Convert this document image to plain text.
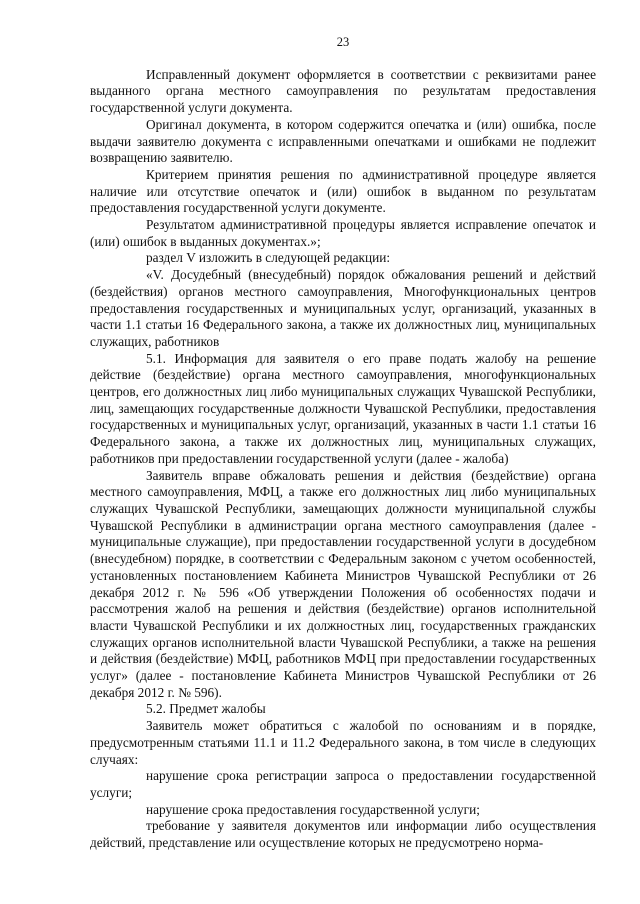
23

Исправленный документ оформляется в соответствии с реквизитами ранее выданного органа местного самоуправления по результатам предоставления государственной услуги документа.

Оригинал документа, в котором содержится опечатка и (или) ошибка, после выдачи заявителю документа с исправленными опечатками и ошибками не подлежит возвращению заявителю.

Критерием принятия решения по административной процедуре является наличие или отсутствие опечаток и (или) ошибок в выданном по результатам предоставления государственной услуги документе.

Результатом административной процедуры является исправление опечаток и (или) ошибок в выданных документах.»;

раздел V изложить в следующей редакции:

«V. Досудебный (внесудебный) порядок обжалования решений и действий (бездействия) органов местного самоуправления, Многофункциональных центров предоставления государственных и муниципальных услуг, организаций, указанных в части 1.1 статьи 16 Федерального закона, а также их должностных лиц, муниципальных служащих, работников

5.1. Информация для заявителя о его праве подать жалобу на решение действие (бездействие) органа местного самоуправления, многофункциональных центров, его должностных лиц либо муниципальных служащих Чувашской Республики, лиц, замещающих государственные должности Чувашской Республики, предоставления государственных и муниципальных услуг, организаций, указанных в части 1.1 статьи 16 Федерального закона, а также их должностных лиц, муниципальных служащих, работников при предоставлении государственной услуги (далее - жалоба)

Заявитель вправе обжаловать решения и действия (бездействие) органа местного самоуправления, МФЦ, а также его должностных лиц либо муниципальных служащих Чувашской Республики, замещающих должности муниципальной службы Чувашской Республики в администрации органа местного самоуправления (далее - муниципальные служащие), при предоставлении государственной услуги в досудебном (внесудебном) порядке, в соответствии с Федеральным законом с учетом особенностей, установленных постановлением Кабинета Министров Чувашской Республики от 26 декабря 2012 г. № 596 «Об утверждении Положения об особенностях подачи и рассмотрения жалоб на решения и действия (бездействие) органов исполнительной власти Чувашской Республики и их должностных лиц, государственных гражданских служащих органов исполнительной власти Чувашской Республики, а также на решения и действия (бездействие) МФЦ, работников МФЦ при предоставлении государственных услуг» (далее - постановление Кабинета Министров Чувашской Республики от 26 декабря 2012 г. № 596).

5.2. Предмет жалобы

Заявитель может обратиться с жалобой по основаниям и в порядке, предусмотренным статьями 11.1 и 11.2 Федерального закона, в том числе в следующих случаях:

нарушение срока регистрации запроса о предоставлении государственной услуги;

нарушение срока предоставления государственной услуги;

требование у заявителя документов или информации либо осуществления действий, представление или осуществление которых не предусмотрено норма-
